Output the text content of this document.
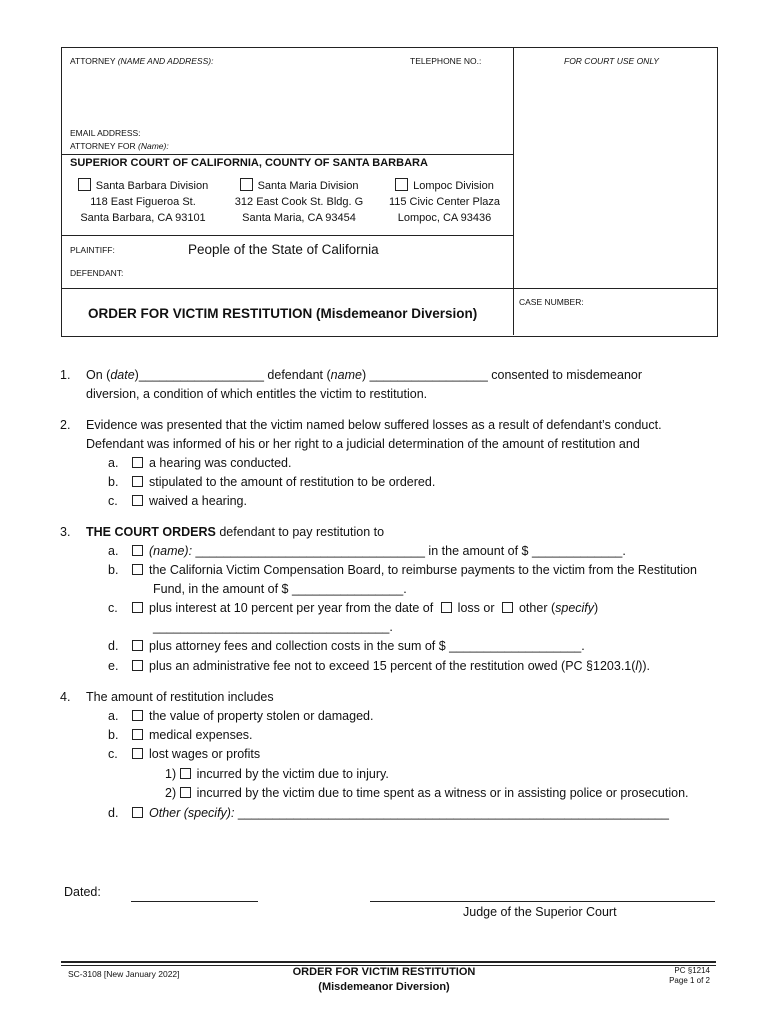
ATTORNEY (NAME AND ADDRESS):	TELEPHONE NO.:	FOR COURT USE ONLY
EMAIL ADDRESS:
ATTORNEY FOR (Name):
SUPERIOR COURT OF CALIFORNIA, COUNTY OF SANTA BARBARA
Santa Barbara Division
118 East Figueroa St.
Santa Barbara, CA 93101
Santa Maria Division
312 East Cook St. Bldg. G
Santa Maria, CA 93454
Lompoc Division
115 Civic Center Plaza
Lompoc, CA 93436
PLAINTIFF:	People of the State of California
DEFENDANT:
ORDER FOR VICTIM RESTITUTION (Misdemeanor Diversion)
CASE NUMBER:
1. On (date)__________________ defendant (name) _________________ consented to misdemeanor
diversion, a condition of which entitles the victim to restitution.
2. Evidence was presented that the victim named below suffered losses as a result of defendant’s conduct.
Defendant was informed of his or her right to a judicial determination of the amount of restitution and
a.	a hearing was conducted.
b.	stipulated to the amount of restitution to be ordered.
c.	waived a hearing.
3. THE COURT ORDERS defendant to pay restitution to
a.	(name): _________________________________ in the amount of $ _____________.
b.	the California Victim Compensation Board, to reimburse payments to the victim from the Restitution
Fund, in the amount of $ ________________.
c.	plus interest at 10 percent per year from the date of loss or other (specify)
__________________________________.
d.	plus attorney fees and collection costs in the sum of $ ___________________.
e.	plus an administrative fee not to exceed 15 percent of the restitution owed (PC §1203.1(l)).
4. The amount of restitution includes
a.	the value of property stolen or damaged.
b.	medical expenses.
c.	lost wages or profits
1) incurred by the victim due to injury.
2) incurred by the victim due to time spent as a witness or in assisting police or prosecution.
d.	Other (specify): ______________________________________________________________
Dated:
Judge of the Superior Court
SC-3108 [New January 2022]	ORDER FOR VICTIM RESTITUTION
(Misdemeanor Diversion)
PC §1214
Page 1 of 2
